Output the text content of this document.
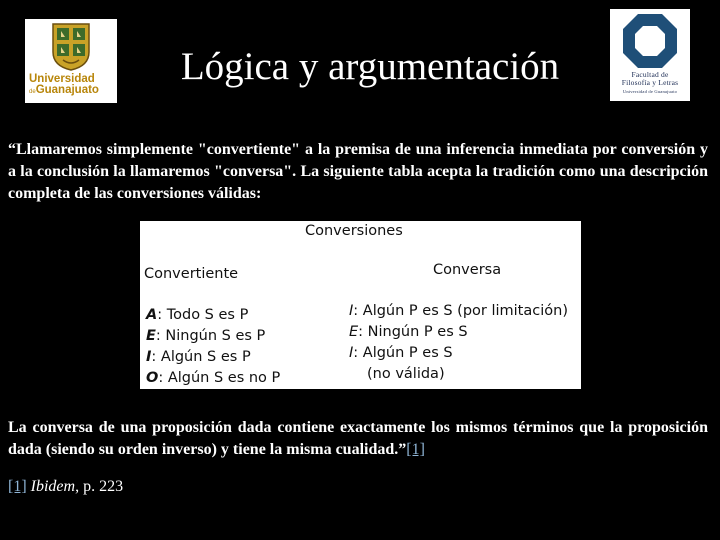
Universidad
deGuanajuato
Facultad de
Filosofía y Letras
Universidad de Guanajuato
Lógica y argumentación

“Llamaremos simplemente "convertiente" a la premisa de una inferencia inmediata por conversión y a la conclusión la llamaremos "conversa". La siguiente tabla acepta la tradición como una descripción completa de las conversiones válidas:

Conversiones
Convertiente	Conversa
A: Todo S es P
E: Ningún S es P
I: Algún S es P
O: Algún S es no P
I: Algún P es S (por limitación)
E: Ningún P es S
I: Algún P es S
(no válida)

La conversa de una proposición dada contiene exactamente los mismos términos que la proposición dada (siendo su orden inverso) y tiene la misma cualidad.”[1]

[1] Ibidem, p. 223
